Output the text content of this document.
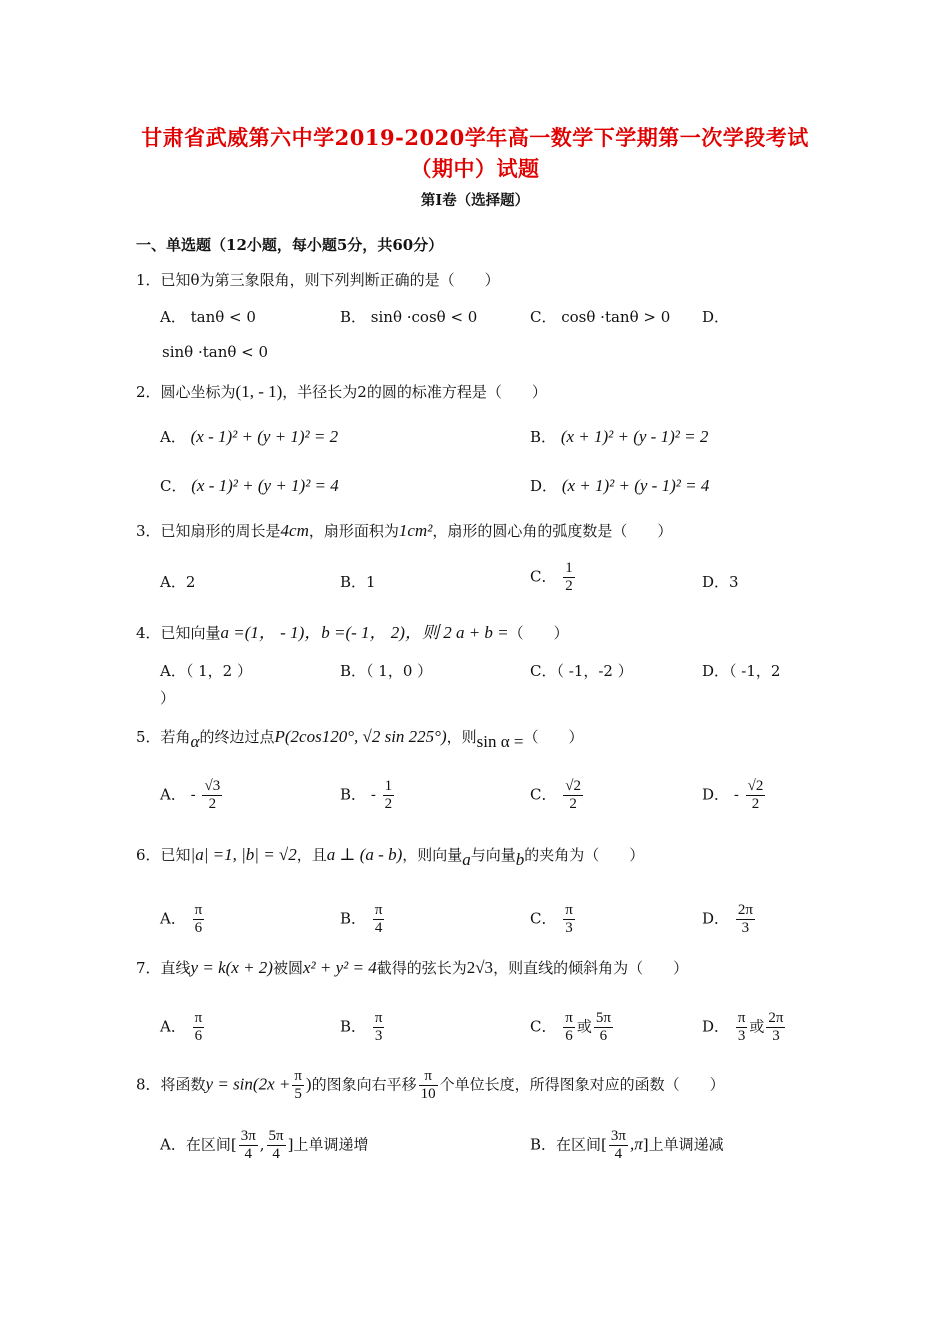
甘肃省武威第六中学2019-2020学年高一数学下学期第一次学段考试
（期中）试题
第Ⅰ卷（选择题）
一、单选题（12小题，每小题5分，共60分）
1．已知θ为第三象限角，则下列判断正确的是（　　）
A． tanθ < 0	B． sinθ ·cosθ < 0	C． cosθ ·tanθ > 0 D．
sinθ ·tanθ < 0
2．圆心坐标为(1, - 1)，半径长为2的圆的标准方程是（　　）
A． (x - 1)² + (y + 1)² = 2	B． (x + 1)² + (y - 1)² = 2
C． (x - 1)² + (y + 1)² = 4	D． (x + 1)² + (y - 1)² = 4
3．已知扇形的周长是4cm，扇形面积为1cm²，扇形的圆心角的弧度数是（　　）
A．2	B．1	C． $\frac{1}{2}$	D．3
4．已知向量a =(1， - 1)，b =(- 1， 2)，则 2 a + b =（　　）
A．（ 1，2 ）	B．（ 1，0 ）	C．（ -1，-2 ）	D．（ -1，2
）
5．若角α的终边过点P(2cos120°, √2 sin 225°)，则sin α =（　　）
A． - $\frac{√3}{2}$	B． - $\frac{1}{2}$	C． $\frac{√2}{2}$	D． - $\frac{√2}{2}$
6．已知|a| =1, |b| = √2，且a ⊥ (a - b)，则向量a与向量b的夹角为（　　）
A． $\frac{\pi}{6}$	B． $\frac{\pi}{4}$	C． $\frac{\pi}{3}$	D． $\frac{2\pi}{3}$
7．直线y = k(x + 2)被圆x² + y² = 4截得的弦长为2√3，则直线的倾斜角为（　　）
A． $\frac{\pi}{6}$	B． $\frac{\pi}{3}$	C． $\frac{\pi}{6}$ 或 $\frac{5\pi}{6}$	D． $\frac{\pi}{3}$ 或 $\frac{2\pi}{3}$
8．将函数$y = \sin(2x + \frac{\pi}{5}$ )的图象向右平移 $\frac{\pi}{10}$ 个单位长度，所得图象对应的函数（　　）
A．在区间[ $\frac{3\pi}{4}$ , $\frac{5\pi}{4}$ ]上单调递增	B．在区间[ $\frac{3\pi}{4} ,\pi$]上单调递减
